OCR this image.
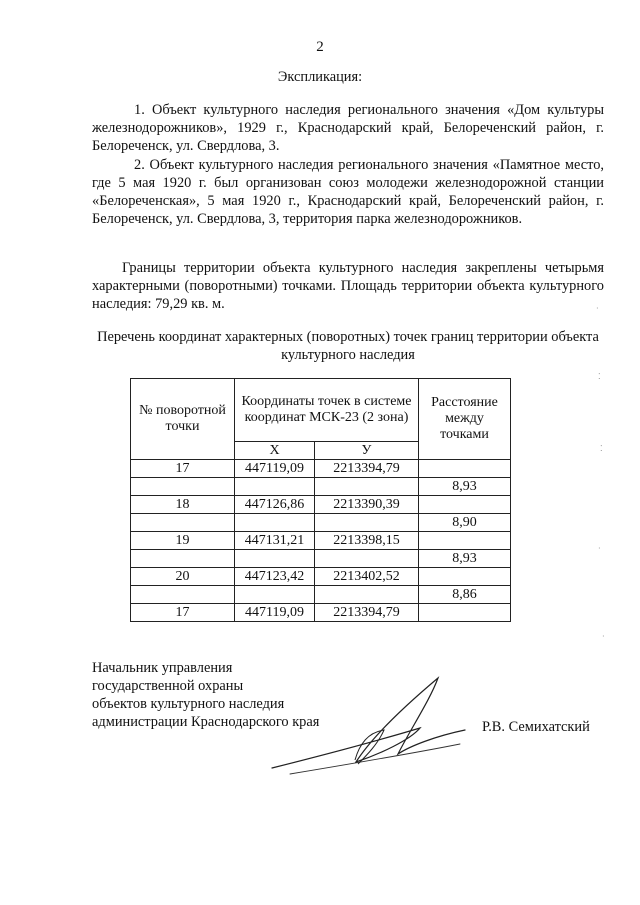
2
Экспликация:

1. Объект культурного наследия регионального значения «Дом культуры железнодорожников», 1929 г., Краснодарский край, Белореченский район, г. Белореченск, ул. Свердлова, 3.

2. Объект культурного наследия регионального значения «Памятное место, где 5 мая 1920 г. был организован союз молодежи железнодорожной станции «Белореченская», 5 мая 1920 г., Краснодарский край, Белореченский район, г. Белореченск, ул. Свердлова, 3, территория парка железнодорожников.

Границы территории объекта культурного наследия закреплены четырьмя характерными (поворотными) точками. Площадь территории объекта культурного наследия: 79,29 кв. м.

Перечень координат характерных (поворотных) точек границ территории объекта культурного наследия
№ поворотной точки	Координаты точек в системе координат МСК-23 (2 зона)		Расстояние между точками
	X	У	
17	447119,09	2213394,79	
			8,93
18	447126,86	2213390,39	
			8,90
19	447131,21	2213398,15	
			8,93
20	447123,42	2213402,52	
			8,86
17	447119,09	2213394,79	
Начальник управления
государственной охраны
объектов культурного наследия
администрации Краснодарского края	Р.В. Семихатский
·
⁚
⁚
·
·
